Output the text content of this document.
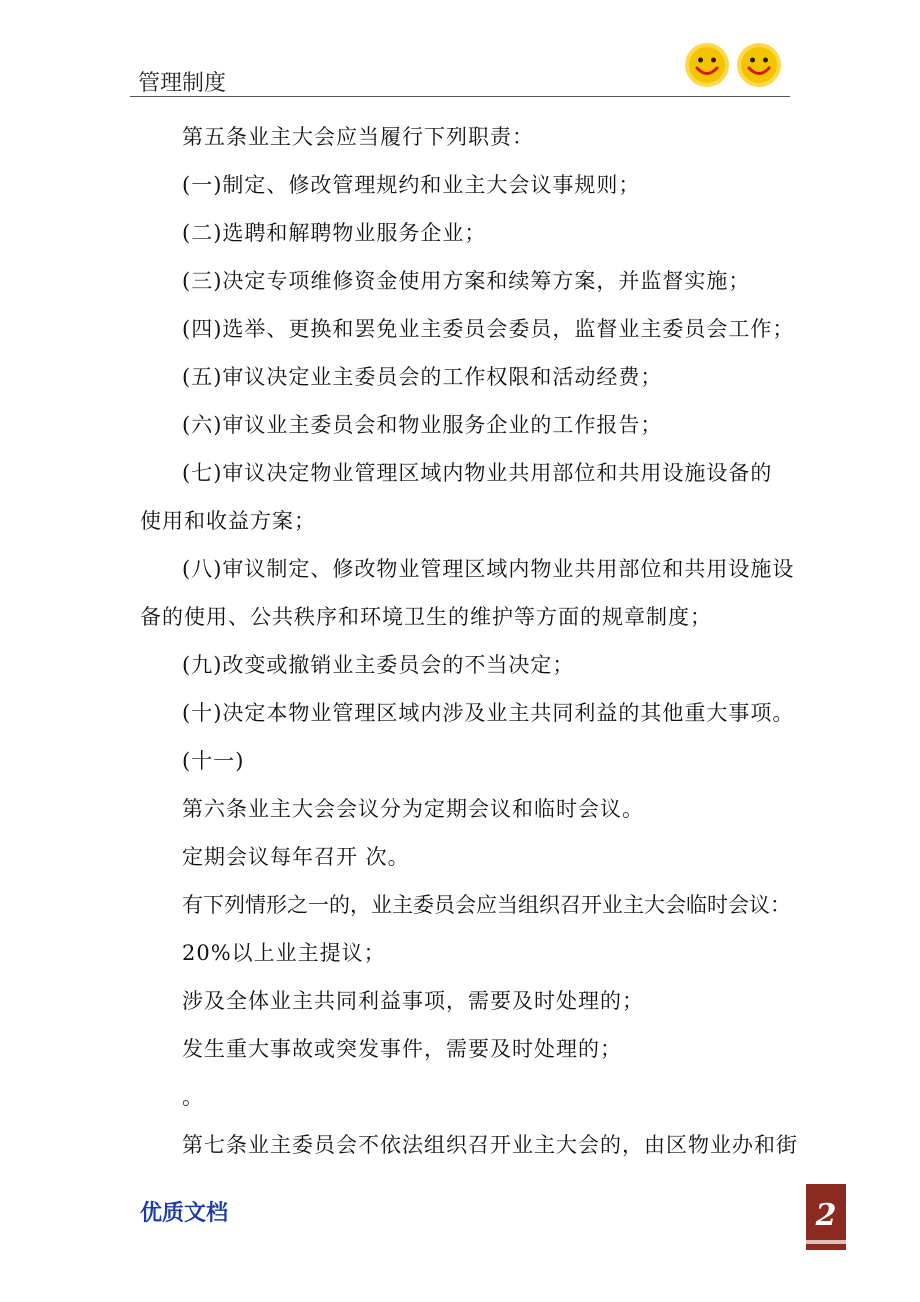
管理制度
第五条业主大会应当履行下列职责：
(一)制定、修改管理规约和业主大会议事规则；
(二)选聘和解聘物业服务企业；
(三)决定专项维修资金使用方案和续筹方案，并监督实施；
(四)选举、更换和罢免业主委员会委员，监督业主委员会工作；
(五)审议决定业主委员会的工作权限和活动经费；
(六)审议业主委员会和物业服务企业的工作报告；
(七)审议决定物业管理区域内物业共用部位和共用设施设备的
使用和收益方案；
(八)审议制定、修改物业管理区域内物业共用部位和共用设施设
备的使用、公共秩序和环境卫生的维护等方面的规章制度；
(九)改变或撤销业主委员会的不当决定；
(十)决定本物业管理区域内涉及业主共同利益的其他重大事项。
(十一)
第六条业主大会会议分为定期会议和临时会议。
定期会议每年召开 次。
有下列情形之一的，业主委员会应当组织召开业主大会临时会议：
20%以上业主提议；
涉及全体业主共同利益事项，需要及时处理的；
发生重大事故或突发事件，需要及时处理的；
。
第七条业主委员会不依法组织召开业主大会的，由区物业办和街
优质文档	2
